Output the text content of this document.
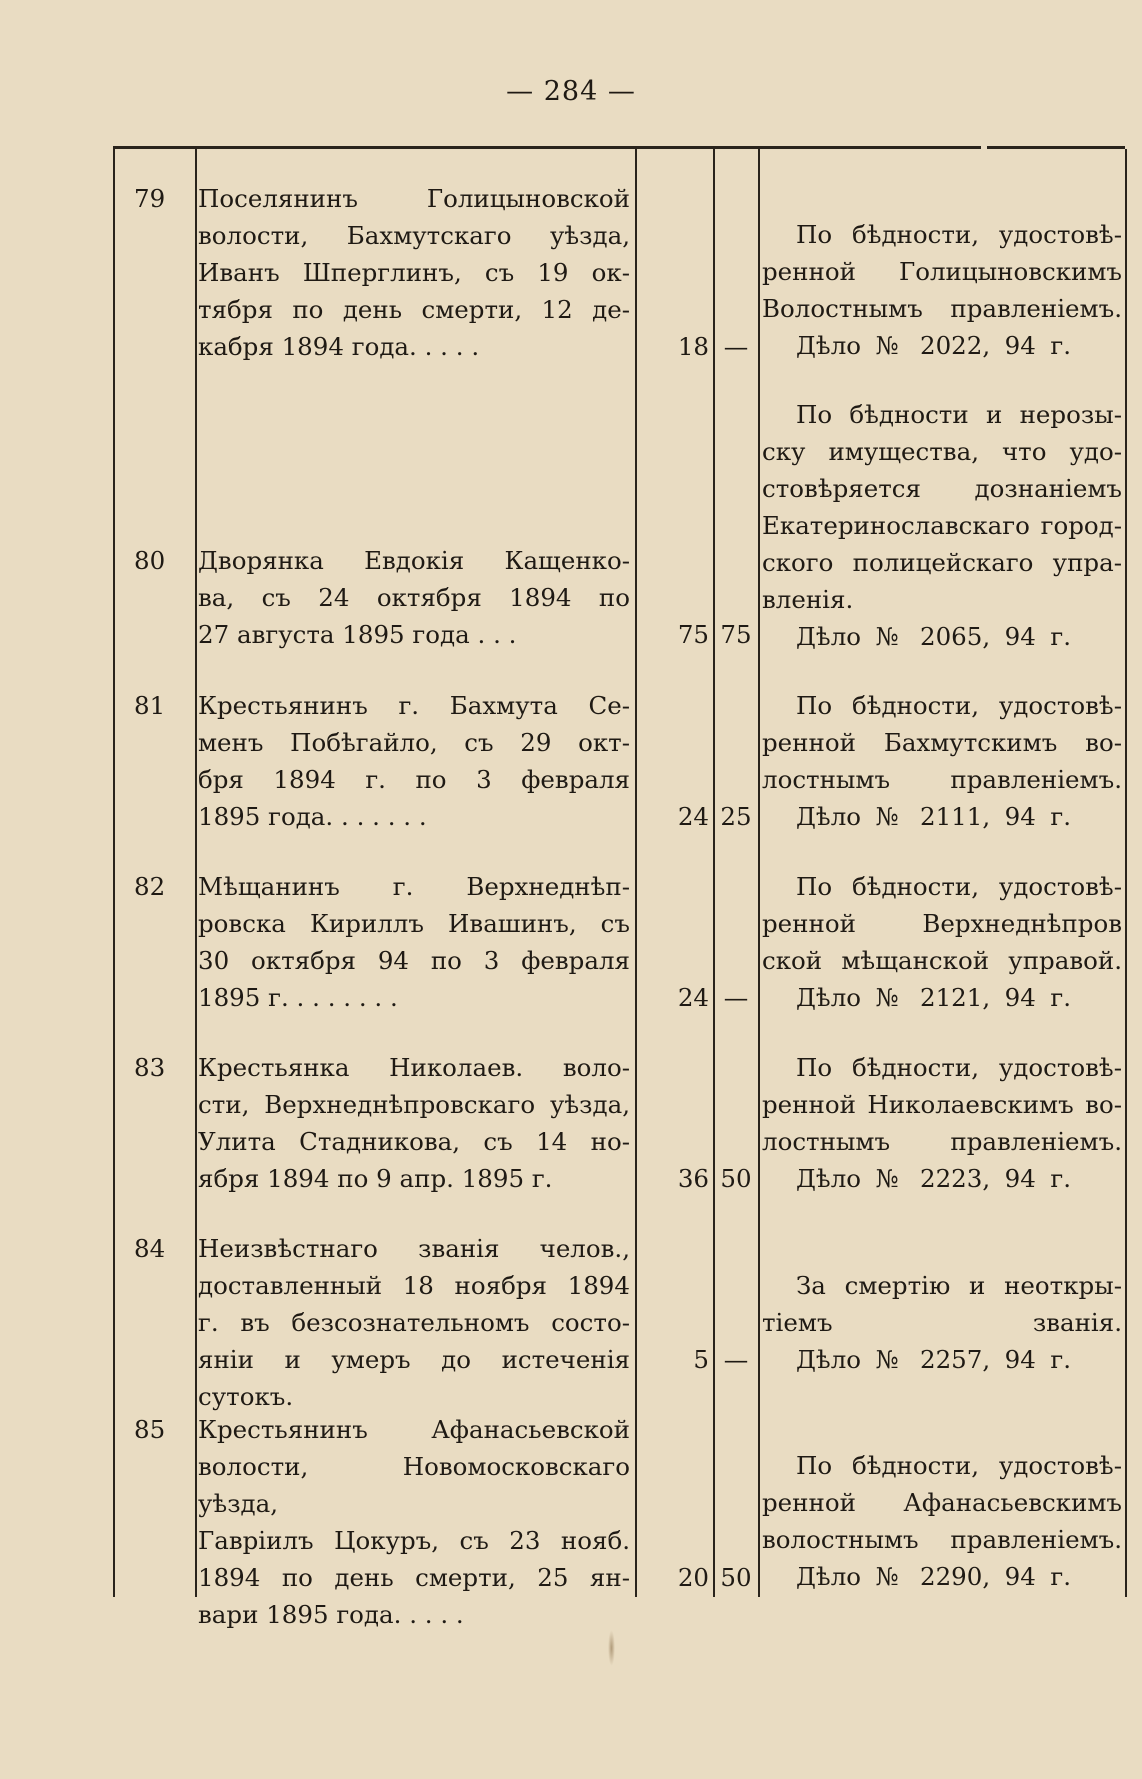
— 284 —
79	Поселянинъ Голицыновской
волости, Бахмутскаго уѣзда,
Иванъ Шперглинъ, съ 19 ок-
тября по день смерти, 12 де-
кабря 1894 года. . . . .	18 —
По бѣдности, удостовѣ-
ренной Голицыновскимъ
Волостнымъ правленіемъ.
Дѣло № 2022, 94 г.
80	Дворянка Евдокія Кащенко-
ва, съ 24 октября 1894 по
27 августа 1895 года . . .	75 75
По бѣдности и нерозы-
ску имущества, что удо-
стовѣряется дознаніемъ
Екатеринославскаго город-
ского полицейскаго упра-
вленія.
Дѣло № 2065, 94 г.
81	Крестьянинъ г. Бахмута Се-
менъ Побѣгайло, съ 29 окт-
бря 1894 г. по 3 февраля
1895 года. . . . . . .	24 25
По бѣдности, удостовѣ-
ренной Бахмутскимъ во-
лостнымъ правленіемъ.
Дѣло № 2111, 94 г.
82	Мѣщанинъ г. Верхнеднѣп-
ровска Кириллъ Ивашинъ, съ
30 октября 94 по 3 февраля
1895 г. . . . . . . .	24 —
По бѣдности, удостовѣ-
ренной Верхнеднѣпров
ской мѣщанской управой.
Дѣло № 2121, 94 г.
83	Крестьянка Николаев. воло-
сти, Верхнеднѣпровскаго уѣзда,
Улита Стадникова, съ 14 но-
ября 1894 по 9 апр. 1895 г.	36 50
По бѣдности, удостовѣ-
ренной Николаевскимъ во-
лостнымъ правленіемъ.
Дѣло № 2223, 94 г.
84	Неизвѣстнаго званія челов.,
доставленный 18 ноября 1894
г. въ безсознательномъ состо-
яніи и умеръ до истеченія сутокъ.
5 —
За смертію и неоткры-
тіемъ званія.
Дѣло № 2257, 94 г.
85	Крестьянинъ Афанасьевской
волости, Новомосковскаго уѣзда,
Гавріилъ Цокуръ, съ 23 нояб.
1894 по день смерти, 25 ян-
вари 1895 года. . . . .
20 50
По бѣдности, удостовѣ-
ренной Афанасьевскимъ
волостнымъ правленіемъ.
Дѣло № 2290, 94 г.
